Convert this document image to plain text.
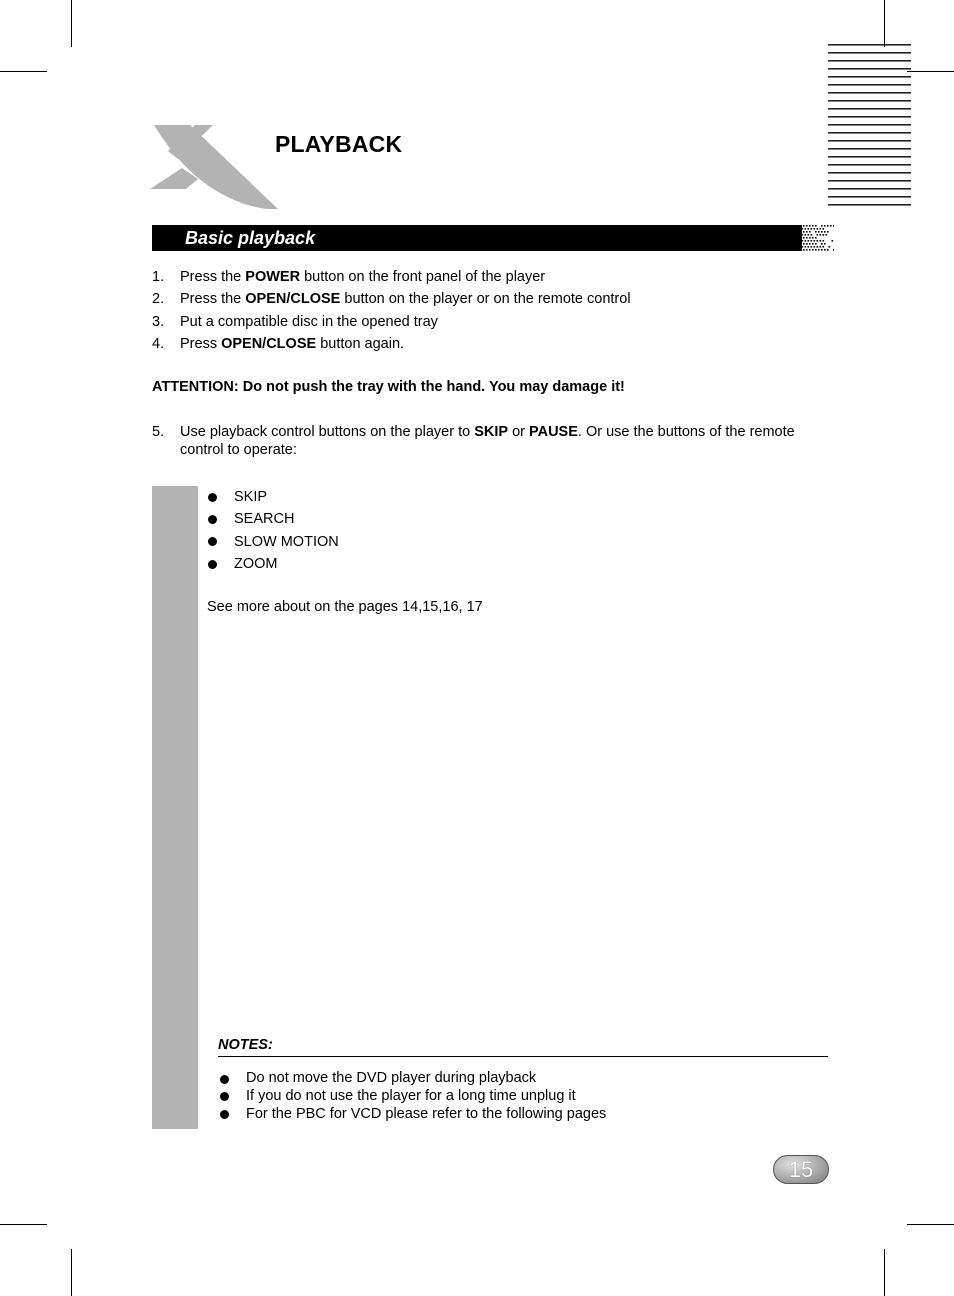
PLAYBACK
Basic playback
1. Press the POWER button on the front panel of the player
2. Press the OPEN/CLOSE button on the player or on the remote control
3. Put a compatible disc in the opened tray
4. Press OPEN/CLOSE button again.
ATTENTION: Do not push the tray with the hand. You may damage it!
5. Use playback control buttons on the player to SKIP or PAUSE. Or use the buttons of the remote control to operate:
SKIP
SEARCH
SLOW MOTION
ZOOM
See more about on the pages 14,15,16, 17
NOTES:
Do not move the DVD player during playback
If you do not use the player for a long time unplug it
For the PBC for VCD please refer to the following pages
15
